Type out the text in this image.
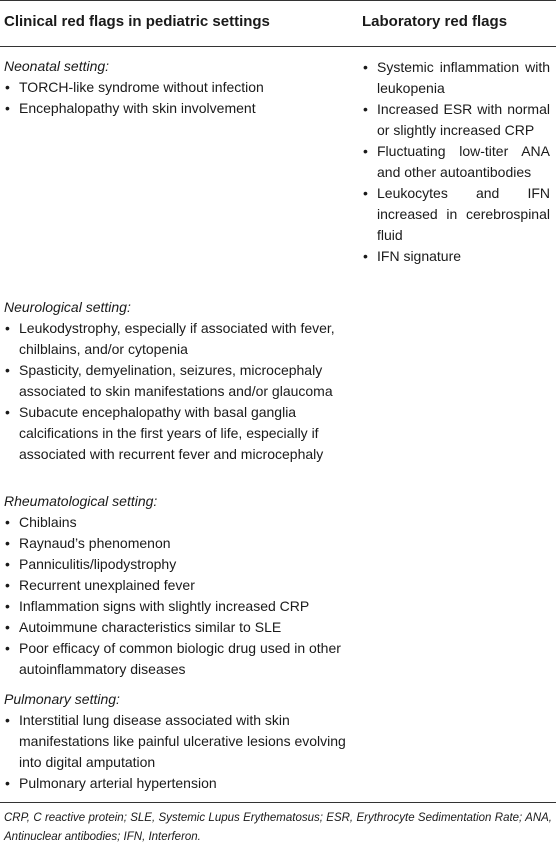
Clinical red flags in pediatric settings	Laboratory red flags
Neonatal setting:
• TORCH-like syndrome without infection
• Encephalopathy with skin involvement
• Systemic inflammation with leukopenia
• Increased ESR with normal or slightly increased CRP
• Fluctuating low-titer ANA and other autoantibodies
• Leukocytes and IFN increased in cerebrospinal fluid
• IFN signature
Neurological setting:
• Leukodystrophy, especially if associated with fever, chilblains, and/or cytopenia
• Spasticity, demyelination, seizures, microcephaly associated to skin manifestations and/or glaucoma
• Subacute encephalopathy with basal ganglia calcifications in the first years of life, especially if associated with recurrent fever and microcephaly
Rheumatological setting:
• Chiblains
• Raynaud’s phenomenon
• Panniculitis/lipodystrophy
• Recurrent unexplained fever
• Inflammation signs with slightly increased CRP
• Autoimmune characteristics similar to SLE
• Poor efficacy of common biologic drug used in other autoinflammatory diseases
Pulmonary setting:
• Interstitial lung disease associated with skin manifestations like painful ulcerative lesions evolving into digital amputation
• Pulmonary arterial hypertension
CRP, C reactive protein; SLE, Systemic Lupus Erythematosus; ESR, Erythrocyte Sedimentation Rate; ANA, Antinuclear antibodies; IFN, Interferon.
